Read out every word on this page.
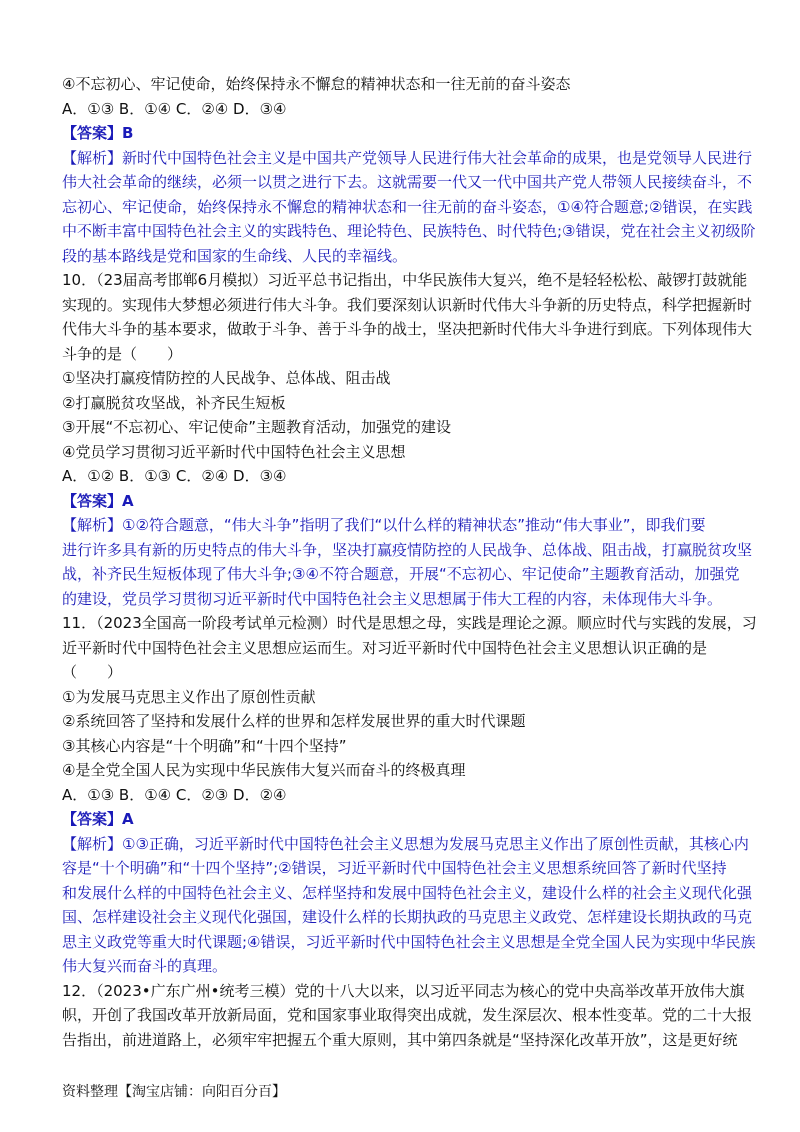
④不忘初心、牢记使命，始终保持永不懈怠的精神状态和一往无前的奋斗姿态
A．①③ B．①④ C．②④ D．③④
【答案】B
【解析】新时代中国特色社会主义是中国共产党领导人民进行伟大社会革命的成果，也是党领导人民进行
伟大社会革命的继续，必须一以贯之进行下去。这就需要一代又一代中国共产党人带领人民接续奋斗，不
忘初心、牢记使命，始终保持永不懈怠的精神状态和一往无前的奋斗姿态，①④符合题意;②错误，在实践
中不断丰富中国特色社会主义的实践特色、理论特色、民族特色、时代特色;③错误，党在社会主义初级阶
段的基本路线是党和国家的生命线、人民的幸福线。
10．（23届高考邯郸6月模拟）习近平总书记指出，中华民族伟大复兴，绝不是轻轻松松、敲锣打鼓就能
实现的。实现伟大梦想必须进行伟大斗争。我们要深刻认识新时代伟大斗争新的历史特点，科学把握新时
代伟大斗争的基本要求，做敢于斗争、善于斗争的战士，坚决把新时代伟大斗争进行到底。下列体现伟大
斗争的是（　　）
①坚决打赢疫情防控的人民战争、总体战、阻击战
②打赢脱贫攻坚战，补齐民生短板
③开展“不忘初心、牢记使命”主题教育活动，加强党的建设
④党员学习贯彻习近平新时代中国特色社会主义思想
A．①② B．①③ C．②④ D．③④
【答案】A
【解析】①②符合题意，“伟大斗争”指明了我们“以什么样的精神状态”推动“伟大事业”，即我们要
进行许多具有新的历史特点的伟大斗争，坚决打赢疫情防控的人民战争、总体战、阻击战，打赢脱贫攻坚
战，补齐民生短板体现了伟大斗争;③④不符合题意，开展“不忘初心、牢记使命”主题教育活动，加强党
的建设，党员学习贯彻习近平新时代中国特色社会主义思想属于伟大工程的内容，未体现伟大斗争。
11．（2023全国高一阶段考试单元检测）时代是思想之母，实践是理论之源。顺应时代与实践的发展，习
近平新时代中国特色社会主义思想应运而生。对习近平新时代中国特色社会主义思想认识正确的是
（　　）
①为发展马克思主义作出了原创性贡献
②系统回答了坚持和发展什么样的世界和怎样发展世界的重大时代课题
③其核心内容是“十个明确”和“十四个坚持”
④是全党全国人民为实现中华民族伟大复兴而奋斗的终极真理
A．①③ B．①④ C．②③ D．②④
【答案】A
【解析】①③正确，习近平新时代中国特色社会主义思想为发展马克思主义作出了原创性贡献，其核心内
容是“十个明确”和“十四个坚持”;②错误，习近平新时代中国特色社会主义思想系统回答了新时代坚持
和发展什么样的中国特色社会主义、怎样坚持和发展中国特色社会主义，建设什么样的社会主义现代化强
国、怎样建设社会主义现代化强国，建设什么样的长期执政的马克思主义政党、怎样建设长期执政的马克
思主义政党等重大时代课题;④错误，习近平新时代中国特色社会主义思想是全党全国人民为实现中华民族
伟大复兴而奋斗的真理。
12．（2023•广东广州•统考三模）党的十八大以来，以习近平同志为核心的党中央高举改革开放伟大旗
帜，开创了我国改革开放新局面，党和国家事业取得突出成就，发生深层次、根本性变革。党的二十大报
告指出，前进道路上，必须牢牢把握五个重大原则，其中第四条就是“坚持深化改革开放”，这是更好统
资料整理【淘宝店铺：向阳百分百】
